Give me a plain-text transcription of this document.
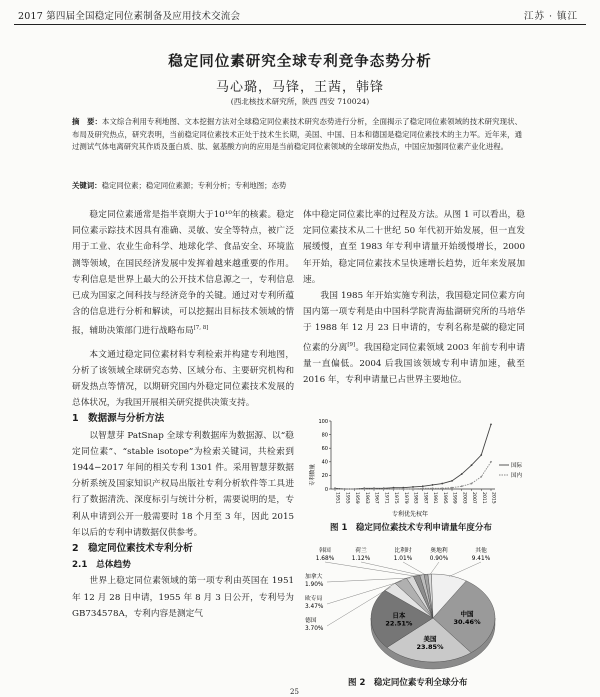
2017 第四届全国稳定同位素制备及应用技术交流会	江苏 · 镇江
稳定同位素研究全球专利竞争态势分析
马心璐，马锋，王茜，韩锋
(西北核技术研究所，陕西 西安 710024)
摘　要：本文综合利用专利地图、文本挖掘方法对全球稳定同位素技术研究态势进行分析，全面揭示了稳定同位素领域的技术研究现状、布局及研究热点，研究表明，当前稳定同位素技术正处于技术生长期，美国、中国、日本和德国是稳定同位素技术的主力军。近年来，通过测试气体电离研究其作质及蛋白质、肽、氨基酸方向的应用是当前稳定同位素领域的全球研发热点，中国应加强同位素产业化进程。
关键词：稳定同位素；稳定同位素源；专利分析；专利地图；态势

稳定同位素通常是指半衰期大于10¹⁰年的核素。稳定同位素示踪技术因具有准确、灵敏、安全等特点，被广泛用于工业、农业生命科学、地球化学、食品安全、环境监测等领域，在国民经济发展中发挥着越来越重要的作用。专利信息是世界上最大的公开技术信息源之一，专利信息已成为国家之间科技与经济竞争的关键。通过对专利所蕴含的信息进行分析和解读，可以挖掘出目标技术领域的情报，辅助决策部门进行战略布局[7, 8]

本文通过稳定同位素材料专利检索并构建专利地图，分析了该领域全球研究态势、区域分布、主要研究机构和研发热点等情况，以期研究国内外稳定同位素技术发展的总体状况，为我国开展相关研究提供决策支持。

1　数据源与分析方法

以智慧芽 PatSnap 全球专利数据库为数据源、以“稳定同位素”、“stable isotope”为检索关键词，共检索到 1944−2017 年间的相关专利 1301 件。采用智慧芽数据分析系统及国家知识产权局出版社专利分析软件等工具进行了数据清洗、深度标引与统计分析，需要说明的是，专利从申请到公开一般需要时 18 个月至 3 年，因此 2015 年以后的专利申请数据仅供参考。

2　稳定同位素技术专利分析

2.1　总体趋势

世界上稳定同位素领域的第一项专利由英国在 1951 年 12 月 28 日申请，1955 年 8 月 3 日公开，专利号为 GB734578A，专利内容是测定气

体中稳定同位素比率的过程及方法。从图 1 可以看出，稳定同位素技术从二十世纪 50 年代初开始发展，但一直发展缓慢，直至 1983 年专利申请量开始缓慢增长，2000 年开始，稳定同位素技术呈快速增长趋势，近年来发展加速。

我国 1985 年开始实施专利法，我国稳定同位素方向国内第一项专利是由中国科学院青海盐湖研究所的马培华于 1988 年 12 月 23 日申请的，专利名称是碳的稳定同位素的分离[9]。我国稳定同位素领域 2003 年前专利申请量一直偏低。2004 后我国该领域专利申请加速，截至 2016 年，专利申请量已占世界主要地位。

专利数量
专利优先权年
0
20
40
60
80
100
1951 1955 1959 1963 1967 1971 1975 1979 1983 1987 1991 1995 1999 2003 2007 2011 2015
国际
国内
图 1　稳定同位素技术专利申请量年度分布
中国
30.46%
美国
23.85%
日本
22.51%
德国
3.70%
欧专局
3.47%
加拿大
1.90%
韩国
1.68%
荷兰
1.12%
比利时
1.01%
奥地利
0.90%
其他
9.41%
图 2　稳定同位素专利全球分布
25
